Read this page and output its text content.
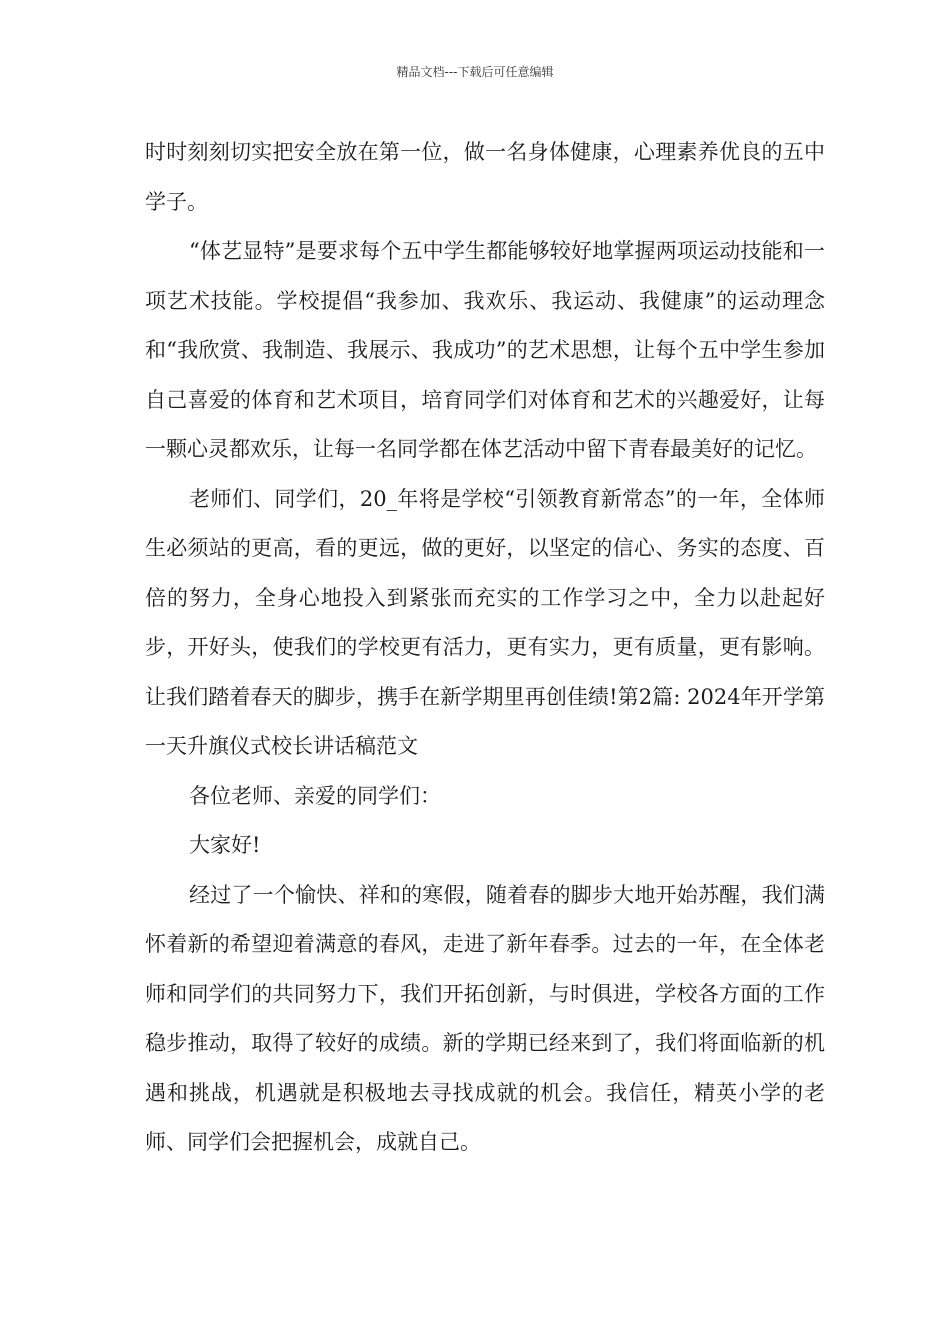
精品文档---下载后可任意编辑

时时刻刻切实把安全放在第一位，做一名身体健康，心理素养优良的五中学子。

“体艺显特”是要求每个五中学生都能够较好地掌握两项运动技能和一项艺术技能。学校提倡“我参加、我欢乐、我运动、我健康”的运动理念和“我欣赏、我制造、我展示、我成功”的艺术思想，让每个五中学生参加自己喜爱的体育和艺术项目，培育同学们对体育和艺术的兴趣爱好，让每一颗心灵都欢乐，让每一名同学都在体艺活动中留下青春最美好的记忆。

老师们、同学们，20_年将是学校“引领教育新常态”的一年，全体师生必须站的更高，看的更远，做的更好，以坚定的信心、务实的态度、百倍的努力，全身心地投入到紧张而充实的工作学习之中，全力以赴起好步，开好头，使我们的学校更有活力，更有实力，更有质量，更有影响。让我们踏着春天的脚步，携手在新学期里再创佳绩!第2篇: 2024年开学第一天升旗仪式校长讲话稿范文

各位老师、亲爱的同学们：

大家好!

经过了一个愉快、祥和的寒假，随着春的脚步大地开始苏醒，我们满怀着新的希望迎着满意的春风，走进了新年春季。过去的一年，在全体老师和同学们的共同努力下，我们开拓创新，与时俱进，学校各方面的工作稳步推动，取得了较好的成绩。新的学期已经来到了，我们将面临新的机遇和挑战，机遇就是积极地去寻找成就的机会。我信任，精英小学的老师、同学们会把握机会，成就自己。
